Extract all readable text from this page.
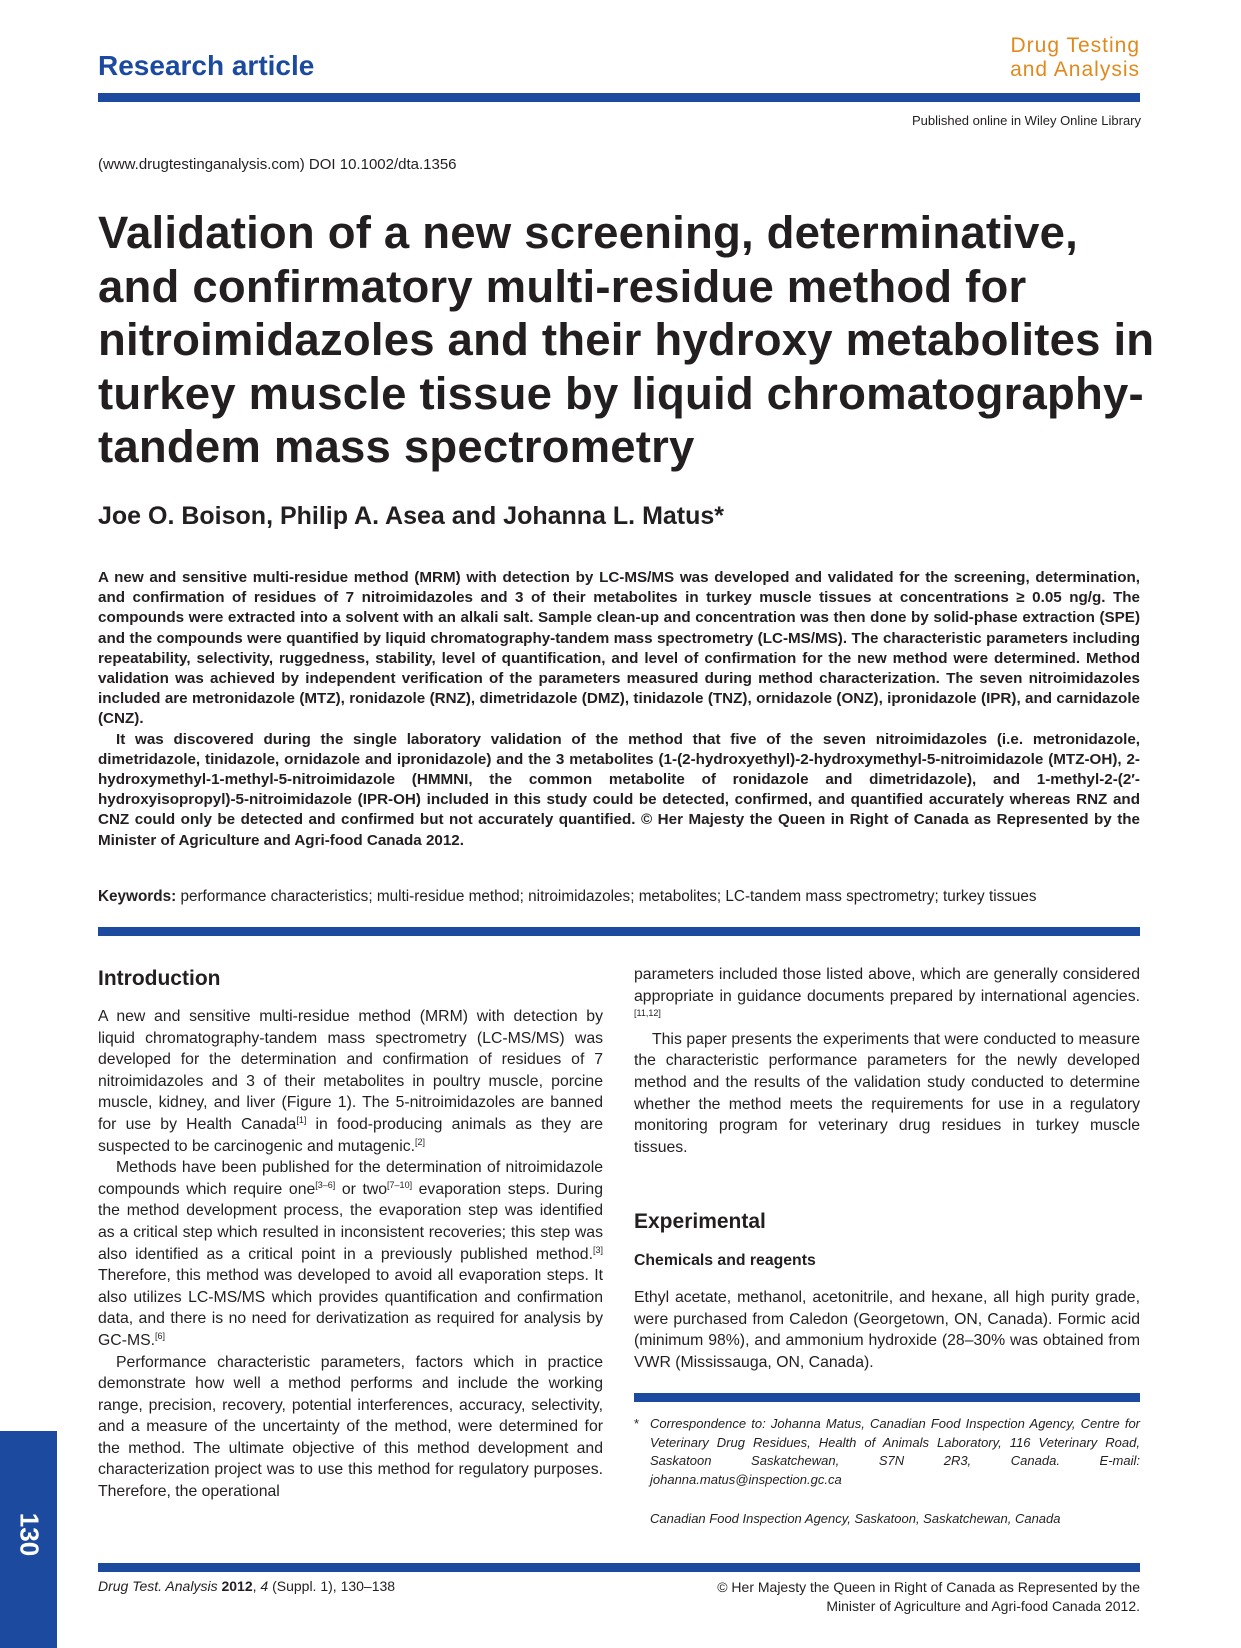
Research article
Drug Testing
and Analysis
Published online in Wiley Online Library
(www.drugtestinganalysis.com) DOI 10.1002/dta.1356
Validation of a new screening, determinative, and confirmatory multi-residue method for nitroimidazoles and their hydroxy metabolites in turkey muscle tissue by liquid chromatography-tandem mass spectrometry
Joe O. Boison, Philip A. Asea and Johanna L. Matus*

A new and sensitive multi-residue method (MRM) with detection by LC-MS/MS was developed and validated for the screening, determination, and confirmation of residues of 7 nitroimidazoles and 3 of their metabolites in turkey muscle tissues at concentrations ≥ 0.05 ng/g. The compounds were extracted into a solvent with an alkali salt. Sample clean-up and concentration was then done by solid-phase extraction (SPE) and the compounds were quantified by liquid chromatography-tandem mass spectrometry (LC-MS/MS). The characteristic parameters including repeatability, selectivity, ruggedness, stability, level of quantification, and level of confirmation for the new method were determined. Method validation was achieved by independent verification of the parameters measured during method characterization. The seven nitroimidazoles included are metronidazole (MTZ), ronidazole (RNZ), dimetridazole (DMZ), tinidazole (TNZ), ornidazole (ONZ), ipronidazole (IPR), and carnidazole (CNZ).

It was discovered during the single laboratory validation of the method that five of the seven nitroimidazoles (i.e. metronidazole, dimetridazole, tinidazole, ornidazole and ipronidazole) and the 3 metabolites (1-(2-hydroxyethyl)-2-hydroxymethyl-5-nitroimidazole (MTZ-OH), 2-hydroxymethyl-1-methyl-5-nitroimidazole (HMMNI, the common metabolite of ronidazole and dimetridazole), and 1-methyl-2-(2′-hydroxyisopropyl)-5-nitroimidazole (IPR-OH) included in this study could be detected, confirmed, and quantified accurately whereas RNZ and CNZ could only be detected and confirmed but not accurately quantified. © Her Majesty the Queen in Right of Canada as Represented by the Minister of Agriculture and Agri-food Canada 2012.

Keywords: performance characteristics; multi-residue method; nitroimidazoles; metabolites; LC-tandem mass spectrometry; turkey tissues
Introduction

A new and sensitive multi-residue method (MRM) with detection by liquid chromatography-tandem mass spectrometry (LC-MS/MS) was developed for the determination and confirmation of residues of 7 nitroimidazoles and 3 of their metabolites in poultry muscle, porcine muscle, kidney, and liver (Figure 1). The 5-nitroimidazoles are banned for use by Health Canada[1] in food-producing animals as they are suspected to be carcinogenic and mutagenic.[2]

Methods have been published for the determination of nitroimidazole compounds which require one[3–6] or two[7–10] evaporation steps. During the method development process, the evaporation step was identified as a critical step which resulted in inconsistent recoveries; this step was also identified as a critical point in a previously published method.[3] Therefore, this method was developed to avoid all evaporation steps. It also utilizes LC-MS/MS which provides quantification and confirmation data, and there is no need for derivatization as required for analysis by GC-MS.[6]

Performance characteristic parameters, factors which in practice demonstrate how well a method performs and include the working range, precision, recovery, potential interferences, accuracy, selectivity, and a measure of the uncertainty of the method, were determined for the method. The ultimate objective of this method development and characterization project was to use this method for regulatory purposes. Therefore, the operational

parameters included those listed above, which are generally considered appropriate in guidance documents prepared by international agencies.[11,12]

This paper presents the experiments that were conducted to measure the characteristic performance parameters for the newly developed method and the results of the validation study conducted to determine whether the method meets the requirements for use in a regulatory monitoring program for veterinary drug residues in turkey muscle tissues.

Experimental
Chemicals and reagents

Ethyl acetate, methanol, acetonitrile, and hexane, all high purity grade, were purchased from Caledon (Georgetown, ON, Canada). Formic acid (minimum 98%), and ammonium hydroxide (28–30% was obtained from VWR (Mississauga, ON, Canada).

* Correspondence to: Johanna Matus, Canadian Food Inspection Agency, Centre for Veterinary Drug Residues, Health of Animals Laboratory, 116 Veterinary Road, Saskatoon Saskatchewan, S7N 2R3, Canada. E-mail: johanna.matus@inspection.gc.ca
Canadian Food Inspection Agency, Saskatoon, Saskatchewan, Canada
130
Drug Test. Analysis 2012, 4 (Suppl. 1), 130–138	© Her Majesty the Queen in Right of Canada as Represented by the
Minister of Agriculture and Agri-food Canada 2012.
